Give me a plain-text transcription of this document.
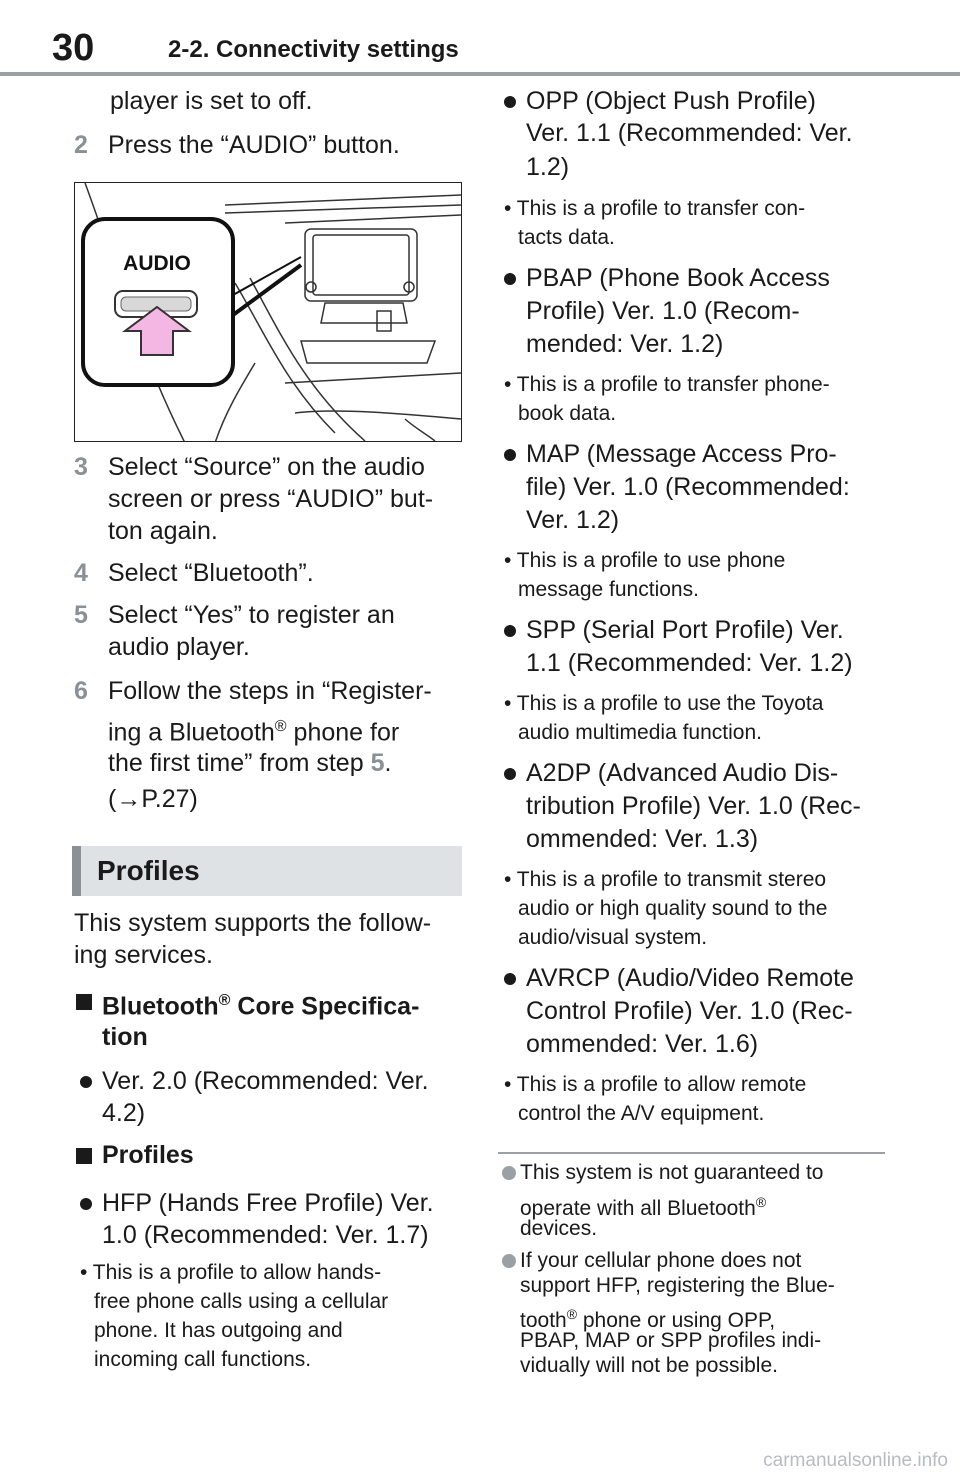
30	2-2. Connectivity settings
player is set to off.
2 Press the “AUDIO” button.
AUDIO
3 Select “Source” on the audio
screen or press “AUDIO” but-
ton again.
4 Select “Bluetooth”.
5 Select “Yes” to register an
audio player.
6 Follow the steps in “Register-
ing a Bluetooth® phone for
the first time” from step 5.
(→P.27)
Profiles
This system supports the follow-
ing services.
Bluetooth® Core Specifica-
tion
Ver. 2.0 (Recommended: Ver.
4.2)
Profiles
HFP (Hands Free Profile) Ver.
1.0 (Recommended: Ver. 1.7)
• This is a profile to allow hands-
free phone calls using a cellular
phone. It has outgoing and
incoming call functions.
OPP (Object Push Profile)
Ver. 1.1 (Recommended: Ver.
1.2)
• This is a profile to transfer con-
tacts data.
PBAP (Phone Book Access
Profile) Ver. 1.0 (Recom-
mended: Ver. 1.2)
• This is a profile to transfer phone-
book data.
MAP (Message Access Pro-
file) Ver. 1.0 (Recommended:
Ver. 1.2)
• This is a profile to use phone
message functions.
SPP (Serial Port Profile) Ver.
1.1 (Recommended: Ver. 1.2)
• This is a profile to use the Toyota
audio multimedia function.
A2DP (Advanced Audio Dis-
tribution Profile) Ver. 1.0 (Rec-
ommended: Ver. 1.3)
• This is a profile to transmit stereo
audio or high quality sound to the
audio/visual system.
AVRCP (Audio/Video Remote
Control Profile) Ver. 1.0 (Rec-
ommended: Ver. 1.6)
• This is a profile to allow remote
control the A/V equipment.
This system is not guaranteed to
operate with all Bluetooth®
devices.
If your cellular phone does not
support HFP, registering the Blue-
tooth® phone or using OPP,
PBAP, MAP or SPP profiles indi-
vidually will not be possible.
carmanualsonline.info
